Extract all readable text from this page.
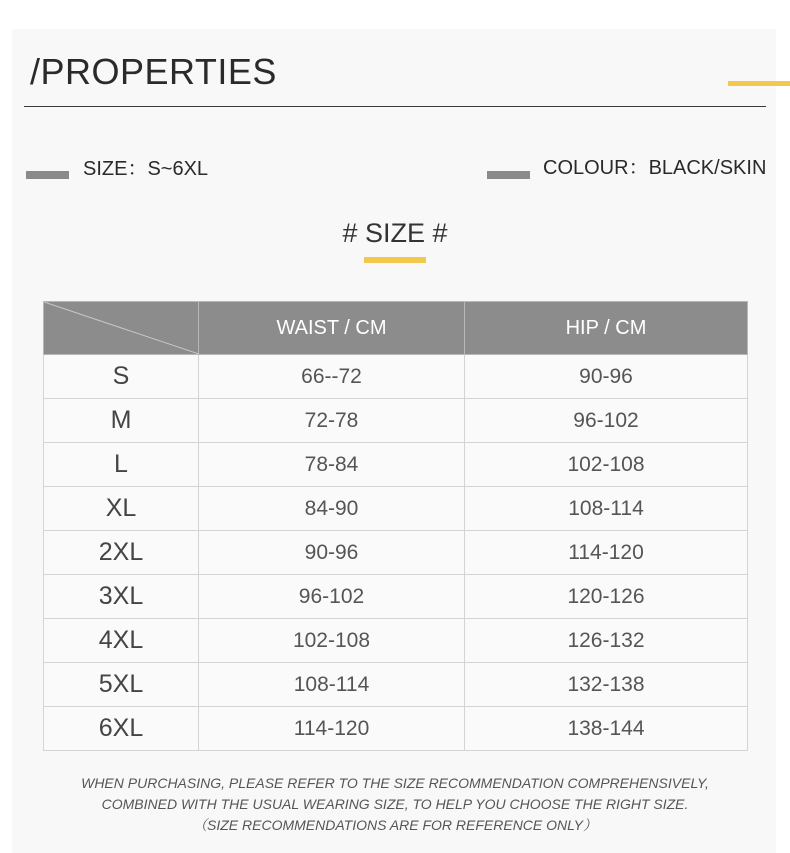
/PROPERTIES
SIZE：S~6XL	COLOUR：BLACK/SKIN
# SIZE #
	WAIST / CM	HIP / CM
S	66--72	90-96
M	72-78	96-102
L	78-84	102-108
XL	84-90	108-114
2XL	90-96	114-120
3XL	96-102	120-126
4XL	102-108	126-132
5XL	108-114	132-138
6XL	114-120	138-144
WHEN PURCHASING, PLEASE REFER TO THE SIZE RECOMMENDATION COMPREHENSIVELY,
COMBINED WITH THE USUAL WEARING SIZE, TO HELP YOU CHOOSE THE RIGHT SIZE.
（SIZE RECOMMENDATIONS ARE FOR REFERENCE ONLY）
